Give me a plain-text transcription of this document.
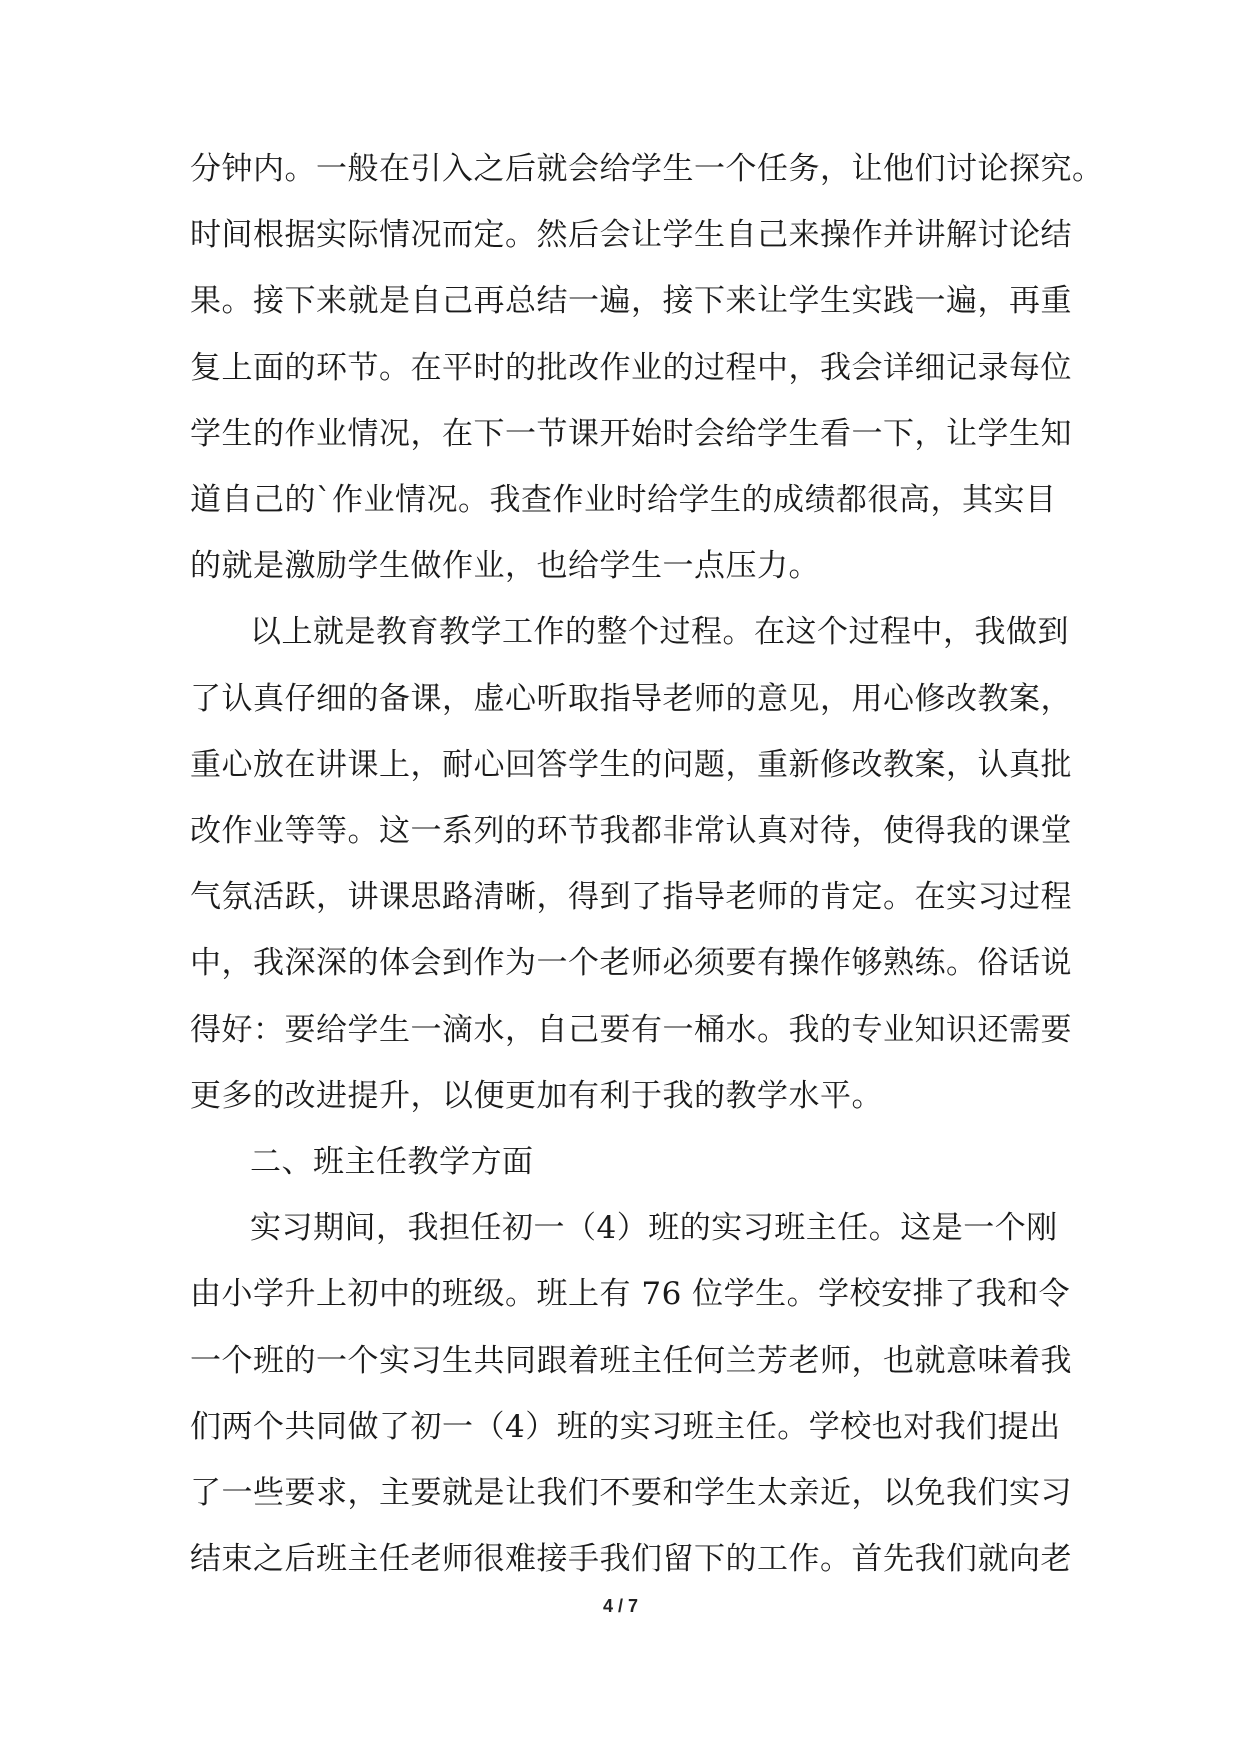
分钟内。一般在引入之后就会给学生一个任务，让他们讨论探究。
时间根据实际情况而定。然后会让学生自己来操作并讲解讨论结
果。接下来就是自己再总结一遍，接下来让学生实践一遍，再重
复上面的环节。在平时的批改作业的过程中，我会详细记录每位
学生的作业情况，在下一节课开始时会给学生看一下，让学生知
道自己的`作业情况。我查作业时给学生的成绩都很高，其实目
的就是激励学生做作业，也给学生一点压力。
以上就是教育教学工作的整个过程。在这个过程中，我做到
了认真仔细的备课，虚心听取指导老师的意见，用心修改教案，
重心放在讲课上，耐心回答学生的问题，重新修改教案，认真批
改作业等等。这一系列的环节我都非常认真对待，使得我的课堂
气氛活跃，讲课思路清晰，得到了指导老师的肯定。在实习过程
中，我深深的体会到作为一个老师必须要有操作够熟练。俗话说
得好：要给学生一滴水，自己要有一桶水。我的专业知识还需要
更多的改进提升，以便更加有利于我的教学水平。
二、班主任教学方面
实习期间，我担任初一（4）班的实习班主任。这是一个刚
由小学升上初中的班级。班上有 76 位学生。学校安排了我和令
一个班的一个实习生共同跟着班主任何兰芳老师，也就意味着我
们两个共同做了初一（4）班的实习班主任。学校也对我们提出
了一些要求，主要就是让我们不要和学生太亲近，以免我们实习
结束之后班主任老师很难接手我们留下的工作。首先我们就向老
4 / 7
